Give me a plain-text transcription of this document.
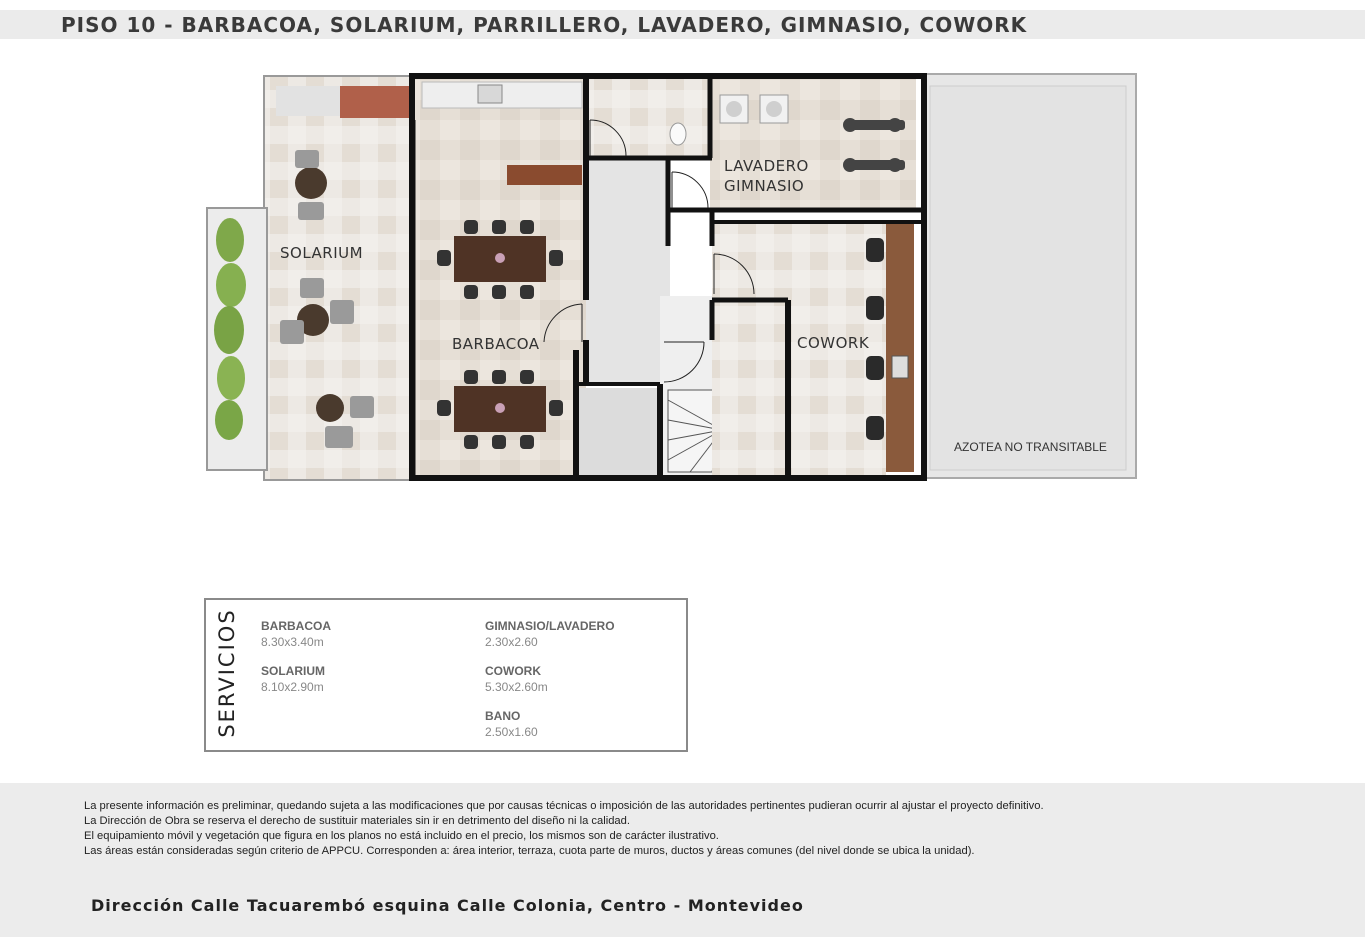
PISO 10 - BARBACOA, SOLARIUM, PARRILLERO, LAVADERO, GIMNASIO, COWORK
SOLARIUM
BARBACOA
LAVADERO
GIMNASIO
COWORK
AZOTEA NO TRANSITABLE
SERVICIOS BARBACOA
8.30x3.40m
SOLARIUM
8.10x2.90m
GIMNASIO/LAVADERO
2.30x2.60
COWORK
5.30x2.60m
BANO
2.50x1.60

La presente información es preliminar, quedando sujeta a las modificaciones que por causas técnicas o imposición de las autoridades pertinentes pudieran ocurrir al ajustar el proyecto definitivo. La Dirección de Obra se reserva el derecho de sustituir materiales sin ir en detrimento del diseño ni la calidad.

El equipamiento móvil y vegetación que figura en los planos no está incluido en el precio, los mismos son de carácter ilustrativo.

Las áreas están consideradas según criterio de APPCU. Corresponden a: área interior, terraza, cuota parte de muros, ductos y áreas comunes (del nivel donde se ubica la unidad).

Dirección Calle Tacuarembó esquina Calle Colonia, Centro - Montevideo
